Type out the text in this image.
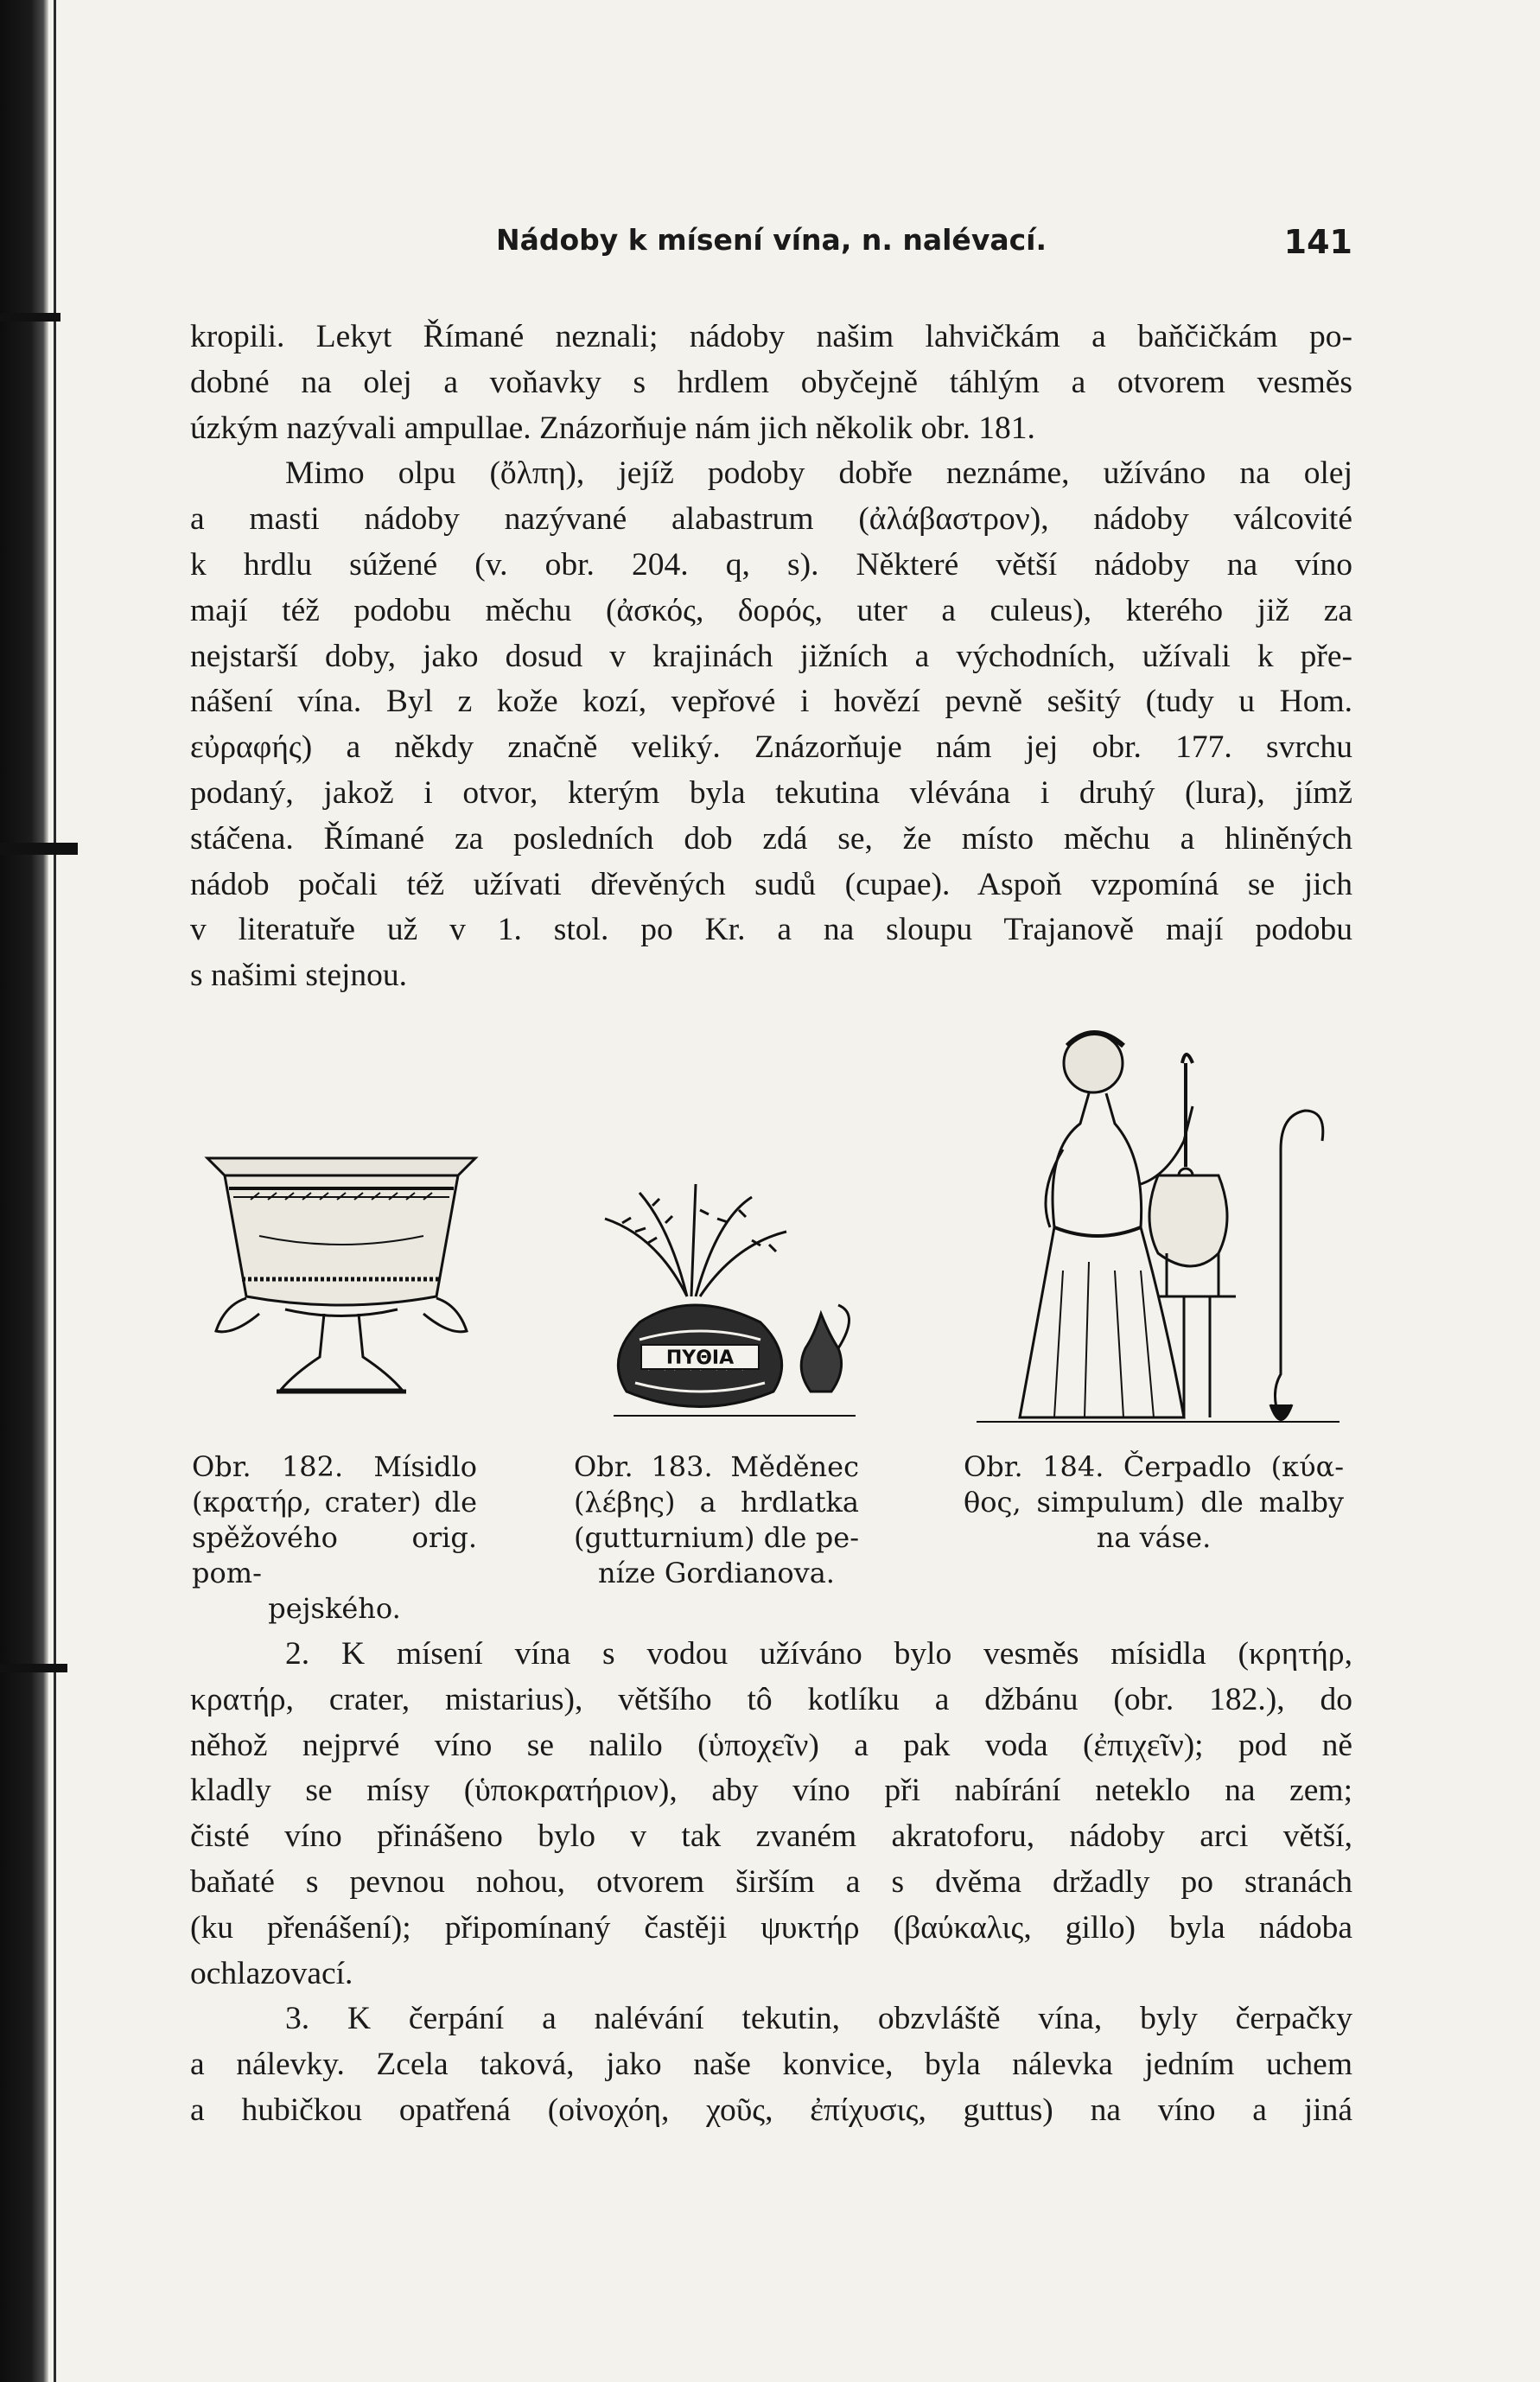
Nádoby k mísení vína, n. nalévací.	141

kropili. Lekyt Římané neznali; nádoby našim lahvičkám a baňčičkám po-

dobné na olej a voňavky s hrdlem obyčejně táhlým a otvorem vesměs

úzkým nazývali ampullae. Znázorňuje nám jich několik obr. 181.

Mimo olpu (ὄλπη), jejíž podoby dobře neznáme, užíváno na olej

a masti nádoby nazývané alabastrum (ἀλάβαστρον), nádoby válcovité

k hrdlu súžené (v. obr. 204. q, s). Některé větší nádoby na víno

mají též podobu měchu (ἀσκός, δορός, uter a culeus), kterého již za

nejstarší doby, jako dosud v krajinách jižních a východních, užívali k pře-

nášení vína. Byl z kože kozí, vepřové i hovězí pevně sešitý (tudy u Hom.

εὐραφής) a někdy značně veliký. Znázorňuje nám jej obr. 177. svrchu

podaný, jakož i otvor, kterým byla tekutina vlévána i druhý (lura), jímž

stáčena. Římané za posledních dob zdá se, že místo měchu a hliněných

nádob počali též užívati dřevěných sudů (cupae). Aspoň vzpomíná se jich

v literatuře už v 1. stol. po Kr. a na sloupu Trajanově mají podobu

s našimi stejnou.

Obr. 182. Mísidlo
(κρατήρ, crater) dle
spěžového orig. pom-
pejského.
ΠΥΘΙΑ
Obr. 183. Měděnec
(λέβης) a hrdlatka
(gutturnium) dle pe-
níze Gordianova.
Obr. 184. Čerpadlo (κύα-
θος, simpulum) dle malby
na váse.

2. K mísení vína s vodou užíváno bylo vesměs mísidla (κρητήρ,

κρατήρ, crater, mistarius), většího tô kotlíku a džbánu (obr. 182.), do

něhož nejprvé víno se nalilo (ὑποχεῖν) a pak voda (ἐπιχεῖν); pod ně

kladly se mísy (ὑποκρατήριον), aby víno při nabírání neteklo na zem;

čisté víno přinášeno bylo v tak zvaném akratoforu, nádoby arci větší,

baňaté s pevnou nohou, otvorem širším a s dvěma držadly po stranách

(ku přenášení); připomínaný častěji ψυκτήρ (βαύκαλις, gillo) byla nádoba

ochlazovací.

3. K čerpání a nalévání tekutin, obzvláště vína, byly čerpačky

a nálevky. Zcela taková, jako naše konvice, byla nálevka jedním uchem

a hubičkou opatřená (οἰνοχόη, χοῦς, ἐπίχυσις, guttus) na víno a jiná
